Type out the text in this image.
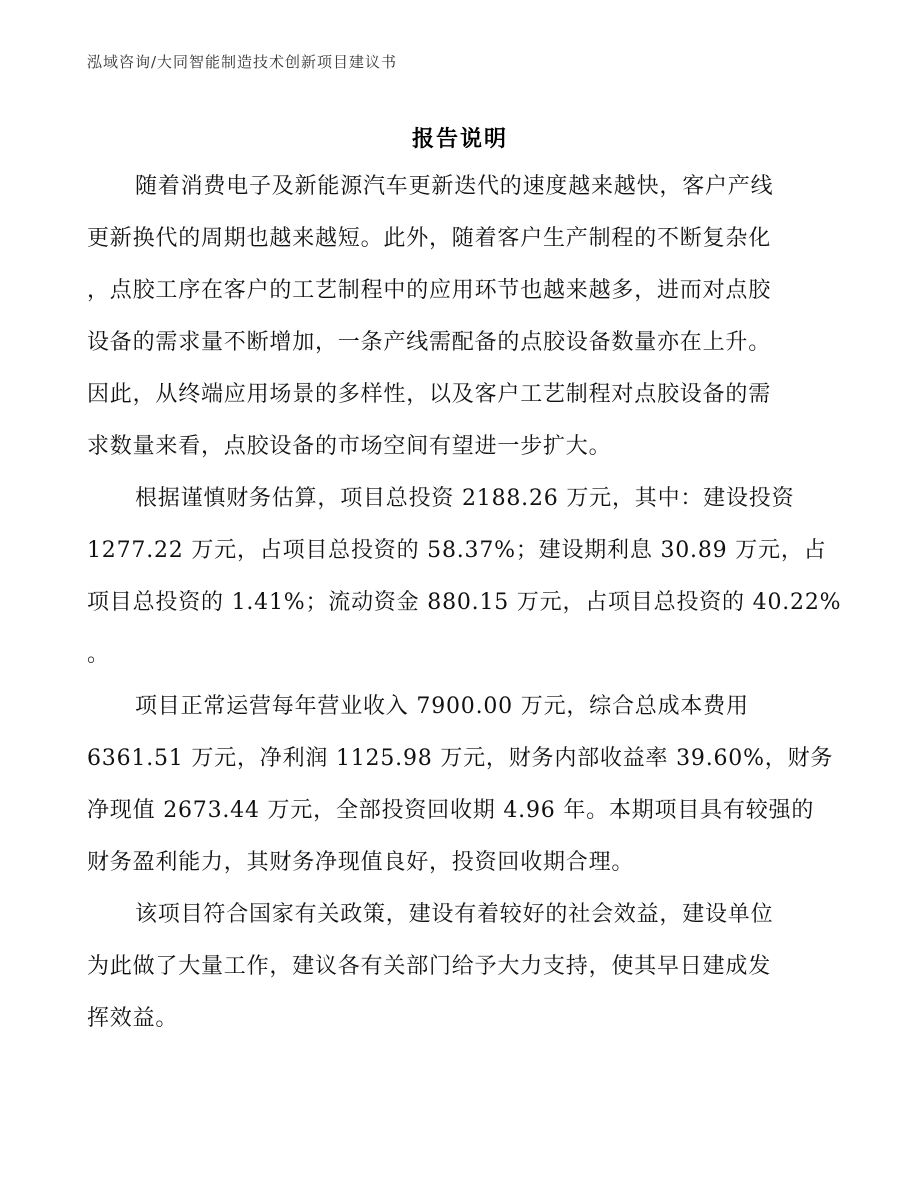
泓域咨询/大同智能制造技术创新项目建议书
报告说明
随着消费电子及新能源汽车更新迭代的速度越来越快，客户产线
更新换代的周期也越来越短。此外，随着客户生产制程的不断复杂化
，点胶工序在客户的工艺制程中的应用环节也越来越多，进而对点胶
设备的需求量不断增加，一条产线需配备的点胶设备数量亦在上升。
因此，从终端应用场景的多样性，以及客户工艺制程对点胶设备的需
求数量来看，点胶设备的市场空间有望进一步扩大。
根据谨慎财务估算，项目总投资 2188.26 万元，其中：建设投资
1277.22 万元，占项目总投资的 58.37%；建设期利息 30.89 万元，占
项目总投资的 1.41%；流动资金 880.15 万元，占项目总投资的 40.22%
。
项目正常运营每年营业收入 7900.00 万元，综合总成本费用
6361.51 万元，净利润 1125.98 万元，财务内部收益率 39.60%，财务
净现值 2673.44 万元，全部投资回收期 4.96 年。本期项目具有较强的
财务盈利能力，其财务净现值良好，投资回收期合理。
该项目符合国家有关政策，建设有着较好的社会效益，建设单位
为此做了大量工作，建议各有关部门给予大力支持，使其早日建成发
挥效益。
